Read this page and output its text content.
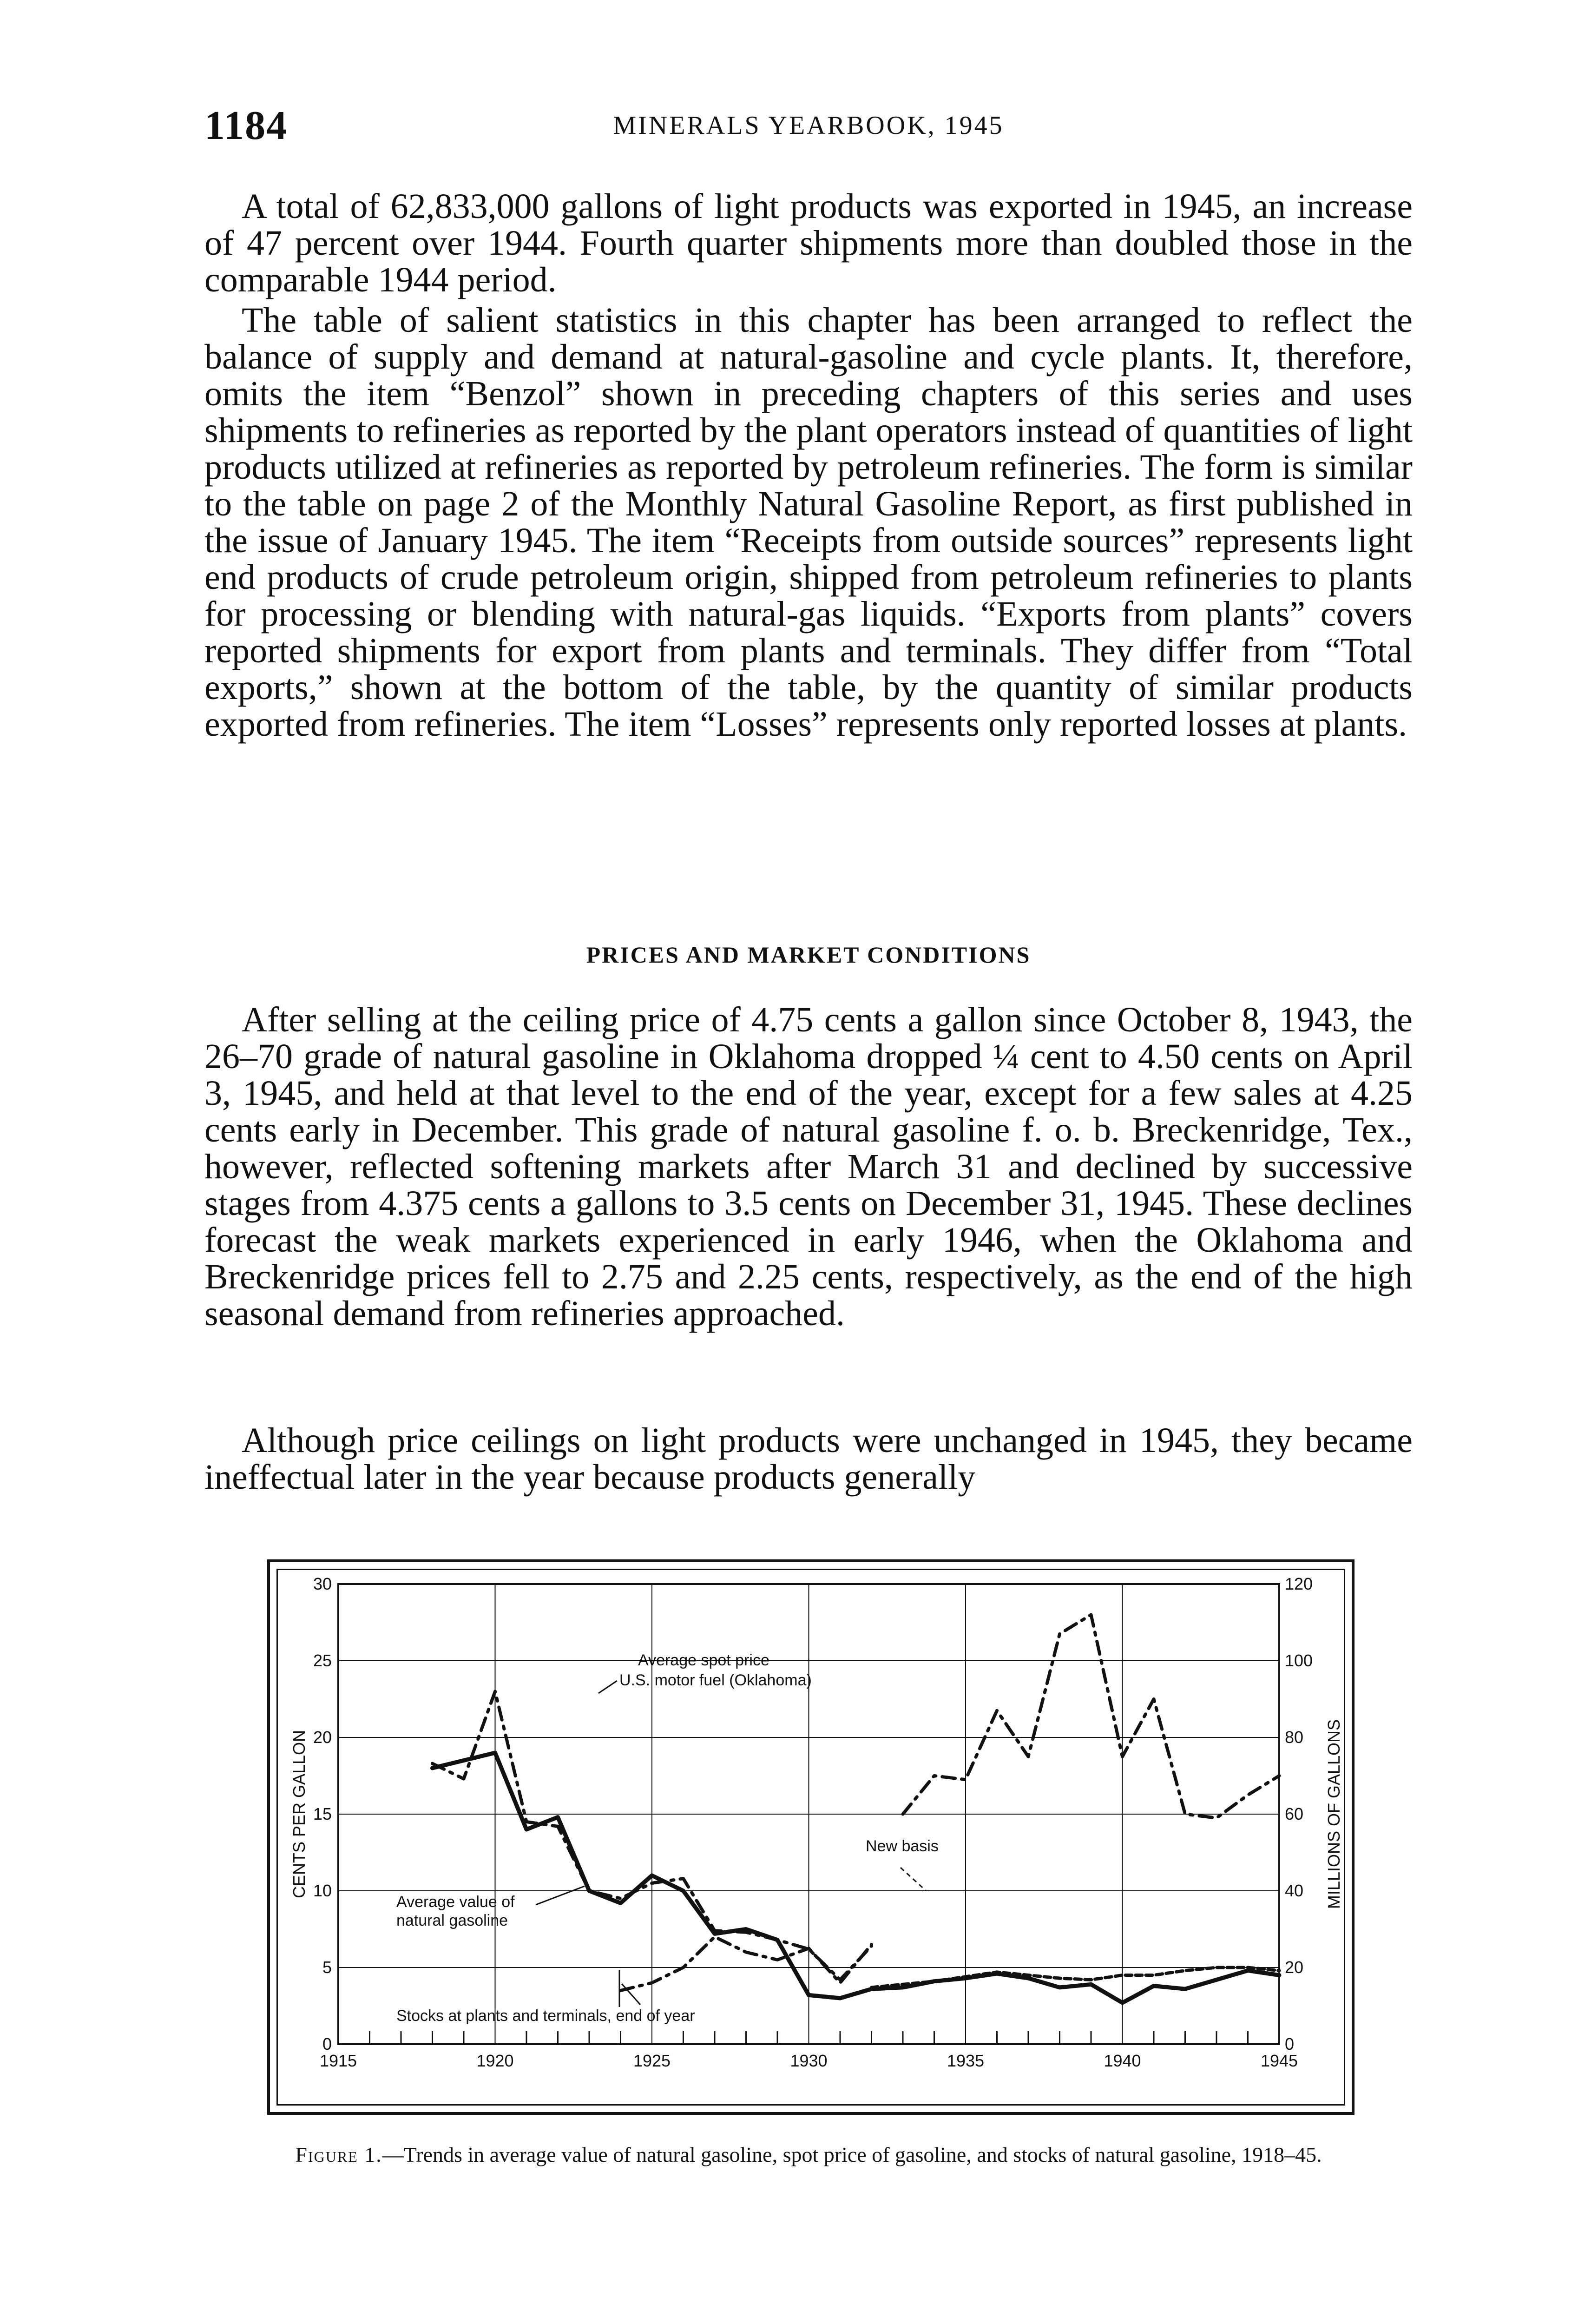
1184	MINERALS YEARBOOK, 1945

A total of 62,833,000 gallons of light products was exported in 1945, an increase of 47 percent over 1944. Fourth quarter shipments more than doubled those in the comparable 1944 period.

The table of salient statistics in this chapter has been arranged to reflect the balance of supply and demand at natural-gasoline and cycle plants. It, therefore, omits the item “Benzol” shown in preceding chapters of this series and uses shipments to refineries as reported by the plant operators instead of quantities of light products utilized at refineries as reported by petroleum refineries. The form is similar to the table on page 2 of the Monthly Natural Gasoline Report, as first published in the issue of January 1945. The item “Receipts from outside sources” represents light end products of crude petroleum origin, shipped from petroleum refineries to plants for processing or blending with natural-gas liquids. “Exports from plants” covers reported shipments for export from plants and terminals. They differ from “Total exports,” shown at the bottom of the table, by the quantity of similar products exported from refineries. The item “Losses” represents only reported losses at plants.

PRICES AND MARKET CONDITIONS

After selling at the ceiling price of 4.75 cents a gallon since October 8, 1943, the 26–70 grade of natural gasoline in Oklahoma dropped ¼ cent to 4.50 cents on April 3, 1945, and held at that level to the end of the year, except for a few sales at 4.25 cents early in December. This grade of natural gasoline f. o. b. Breckenridge, Tex., however, reflected softening markets after March 31 and declined by successive stages from 4.375 cents a gallons to 3.5 cents on December 31, 1945. These declines forecast the weak markets experienced in early 1946, when the Oklahoma and Breckenridge prices fell to 2.75 and 2.25 cents, respectively, as the end of the high seasonal demand from refineries approached.

Although price ceilings on light products were unchanged in 1945, they became ineffectual later in the year because products generally

0
5
10
15
20
25
30
0
20
40
60
80
100
120
1915	1920	1925	1930	1935	1940	1945
Average spot price
U.S. motor fuel (Oklahoma)
Average value of
natural gasoline
Stocks at plants and terminals, end of year
New basis
CENTS PER GALLON	MILLIONS OF GALLONS

Figure 1.—Trends in average value of natural gasoline, spot price of gasoline, and stocks of natural gasoline, 1918–45.
